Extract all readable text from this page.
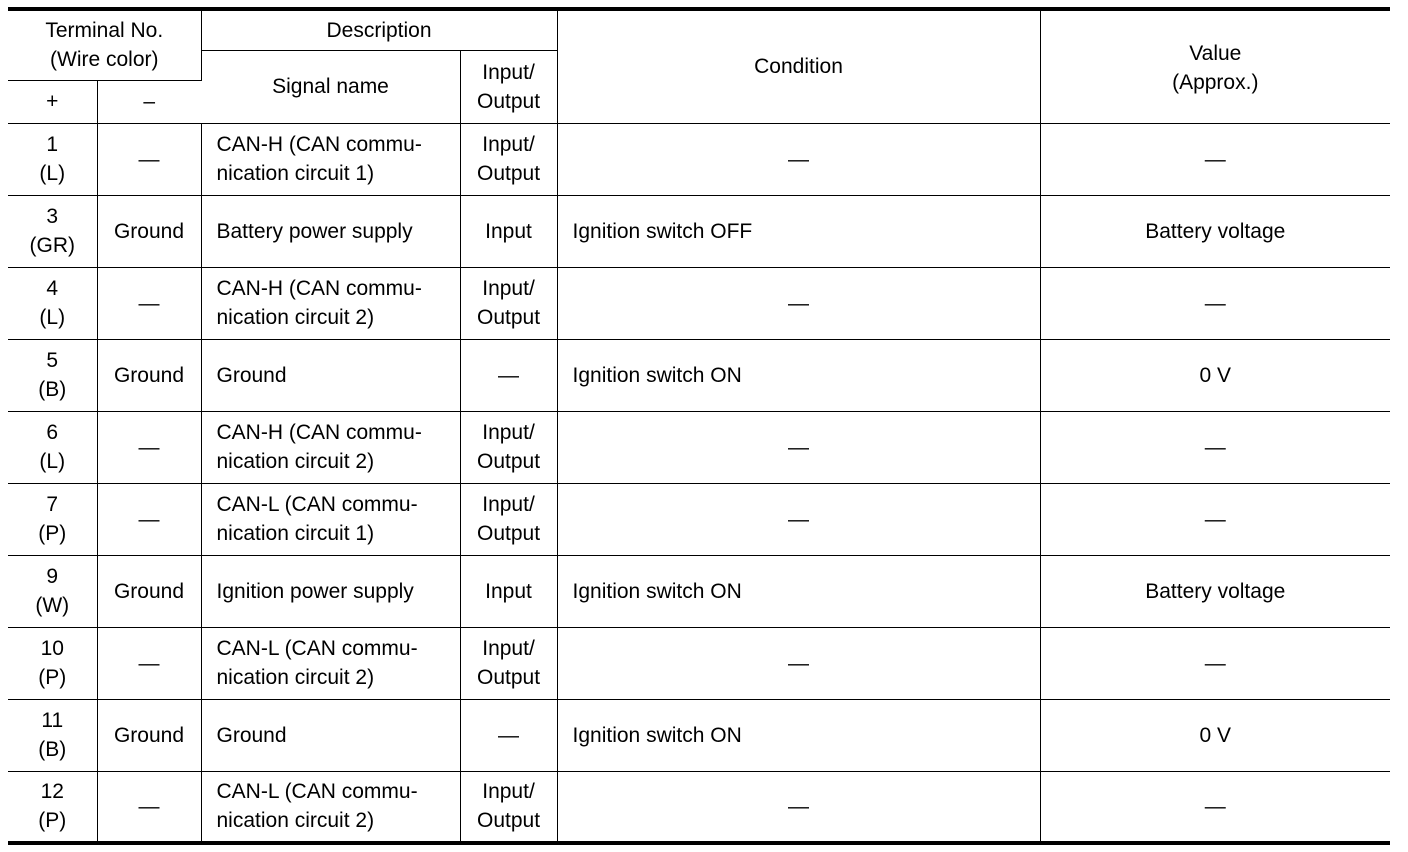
Terminal No.
(Wire color)		Description		Condition	Value
(Approx.)
		Signal name	Input/
Output		
+	–				

1
(L)	—	CAN-H (CAN commu-
nication circuit 1)	Input/
Output	—	—

3
(GR)	Ground	Battery power supply	Input	Ignition switch OFF	Battery voltage

4
(L)	—	CAN-H (CAN commu-
nication circuit 2)	Input/
Output	—	—

5
(B)	Ground	Ground	—	Ignition switch ON	0 V

6
(L)	—	CAN-H (CAN commu-
nication circuit 2)	Input/
Output	—	—

7
(P)	—	CAN-L (CAN commu-
nication circuit 1)	Input/
Output	—	—

9
(W)	Ground	Ignition power supply	Input	Ignition switch ON	Battery voltage

10
(P)	—	CAN-L (CAN commu-
nication circuit 2)	Input/
Output	—	—

11
(B)	Ground	Ground	—	Ignition switch ON	0 V

12
(P)	—	CAN-L (CAN commu-
nication circuit 2)	Input/
Output	—	—
